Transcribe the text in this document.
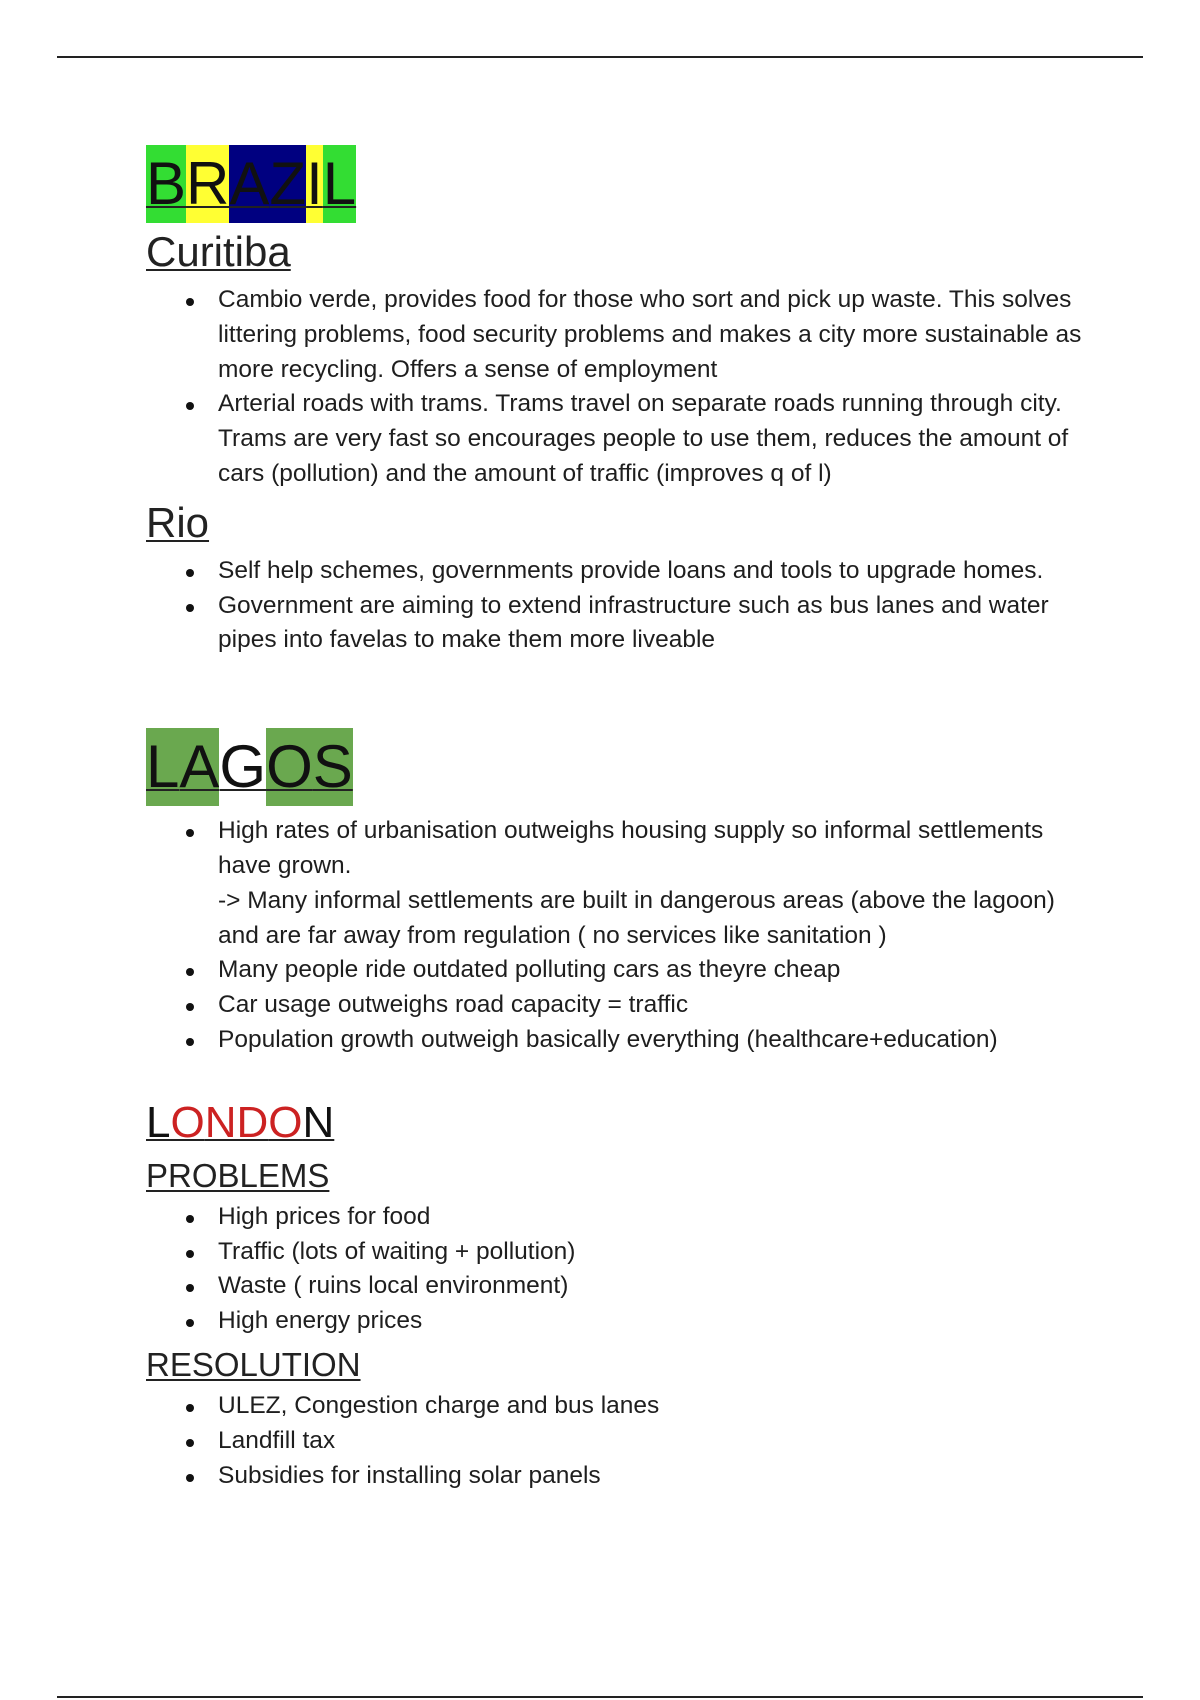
B R A Z I L
Curitiba
Cambio verde, provides food for those who sort and pick up waste. This solves littering problems, food security problems and makes a city more sustainable as more recycling. Offers a sense of employment
Arterial roads with trams. Trams travel on separate roads running through city. Trams are very fast so encourages people to use them, reduces the amount of cars (pollution) and the amount of traffic (improves q of l)
Rio
Self help schemes, governments provide loans and tools to upgrade homes.
Government are aiming to extend infrastructure such as bus lanes and water pipes into favelas to make them more liveable
L A G O S
High rates of urbanisation outweighs housing supply so informal settlements have grown.
-> Many informal settlements are built in dangerous areas (above the lagoon) and are far away from regulation ( no services like sanitation )
Many people ride outdated polluting cars as theyre cheap
Car usage outweighs road capacity = traffic
Population growth outweigh basically everything (healthcare+education)
L O N D O N
PROBLEMS
High prices for food
Traffic (lots of waiting + pollution)
Waste ( ruins local environment)
High energy prices
RESOLUTION
ULEZ, Congestion charge and bus lanes
Landfill tax
Subsidies for installing solar panels
